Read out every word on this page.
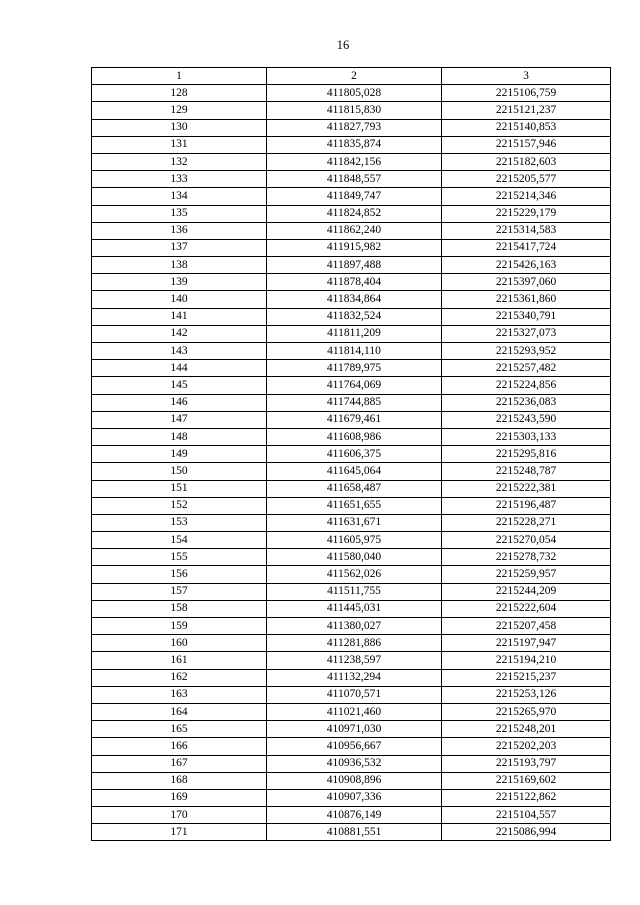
16
1	2	3
128	411805,028	2215106,759
129	411815,830	2215121,237
130	411827,793	2215140,853
131	411835,874	2215157,946
132	411842,156	2215182,603
133	411848,557	2215205,577
134	411849,747	2215214,346
135	411824,852	2215229,179
136	411862,240	2215314,583
137	411915,982	2215417,724
138	411897,488	2215426,163
139	411878,404	2215397,060
140	411834,864	2215361,860
141	411832,524	2215340,791
142	411811,209	2215327,073
143	411814,110	2215293,952
144	411789,975	2215257,482
145	411764,069	2215224,856
146	411744,885	2215236,083
147	411679,461	2215243,590
148	411608,986	2215303,133
149	411606,375	2215295,816
150	411645,064	2215248,787
151	411658,487	2215222,381
152	411651,655	2215196,487
153	411631,671	2215228,271
154	411605,975	2215270,054
155	411580,040	2215278,732
156	411562,026	2215259,957
157	411511,755	2215244,209
158	411445,031	2215222,604
159	411380,027	2215207,458
160	411281,886	2215197,947
161	411238,597	2215194,210
162	411132,294	2215215,237
163	411070,571	2215253,126
164	411021,460	2215265,970
165	410971,030	2215248,201
166	410956,667	2215202,203
167	410936,532	2215193,797
168	410908,896	2215169,602
169	410907,336	2215122,862
170	410876,149	2215104,557
171	410881,551	2215086,994
